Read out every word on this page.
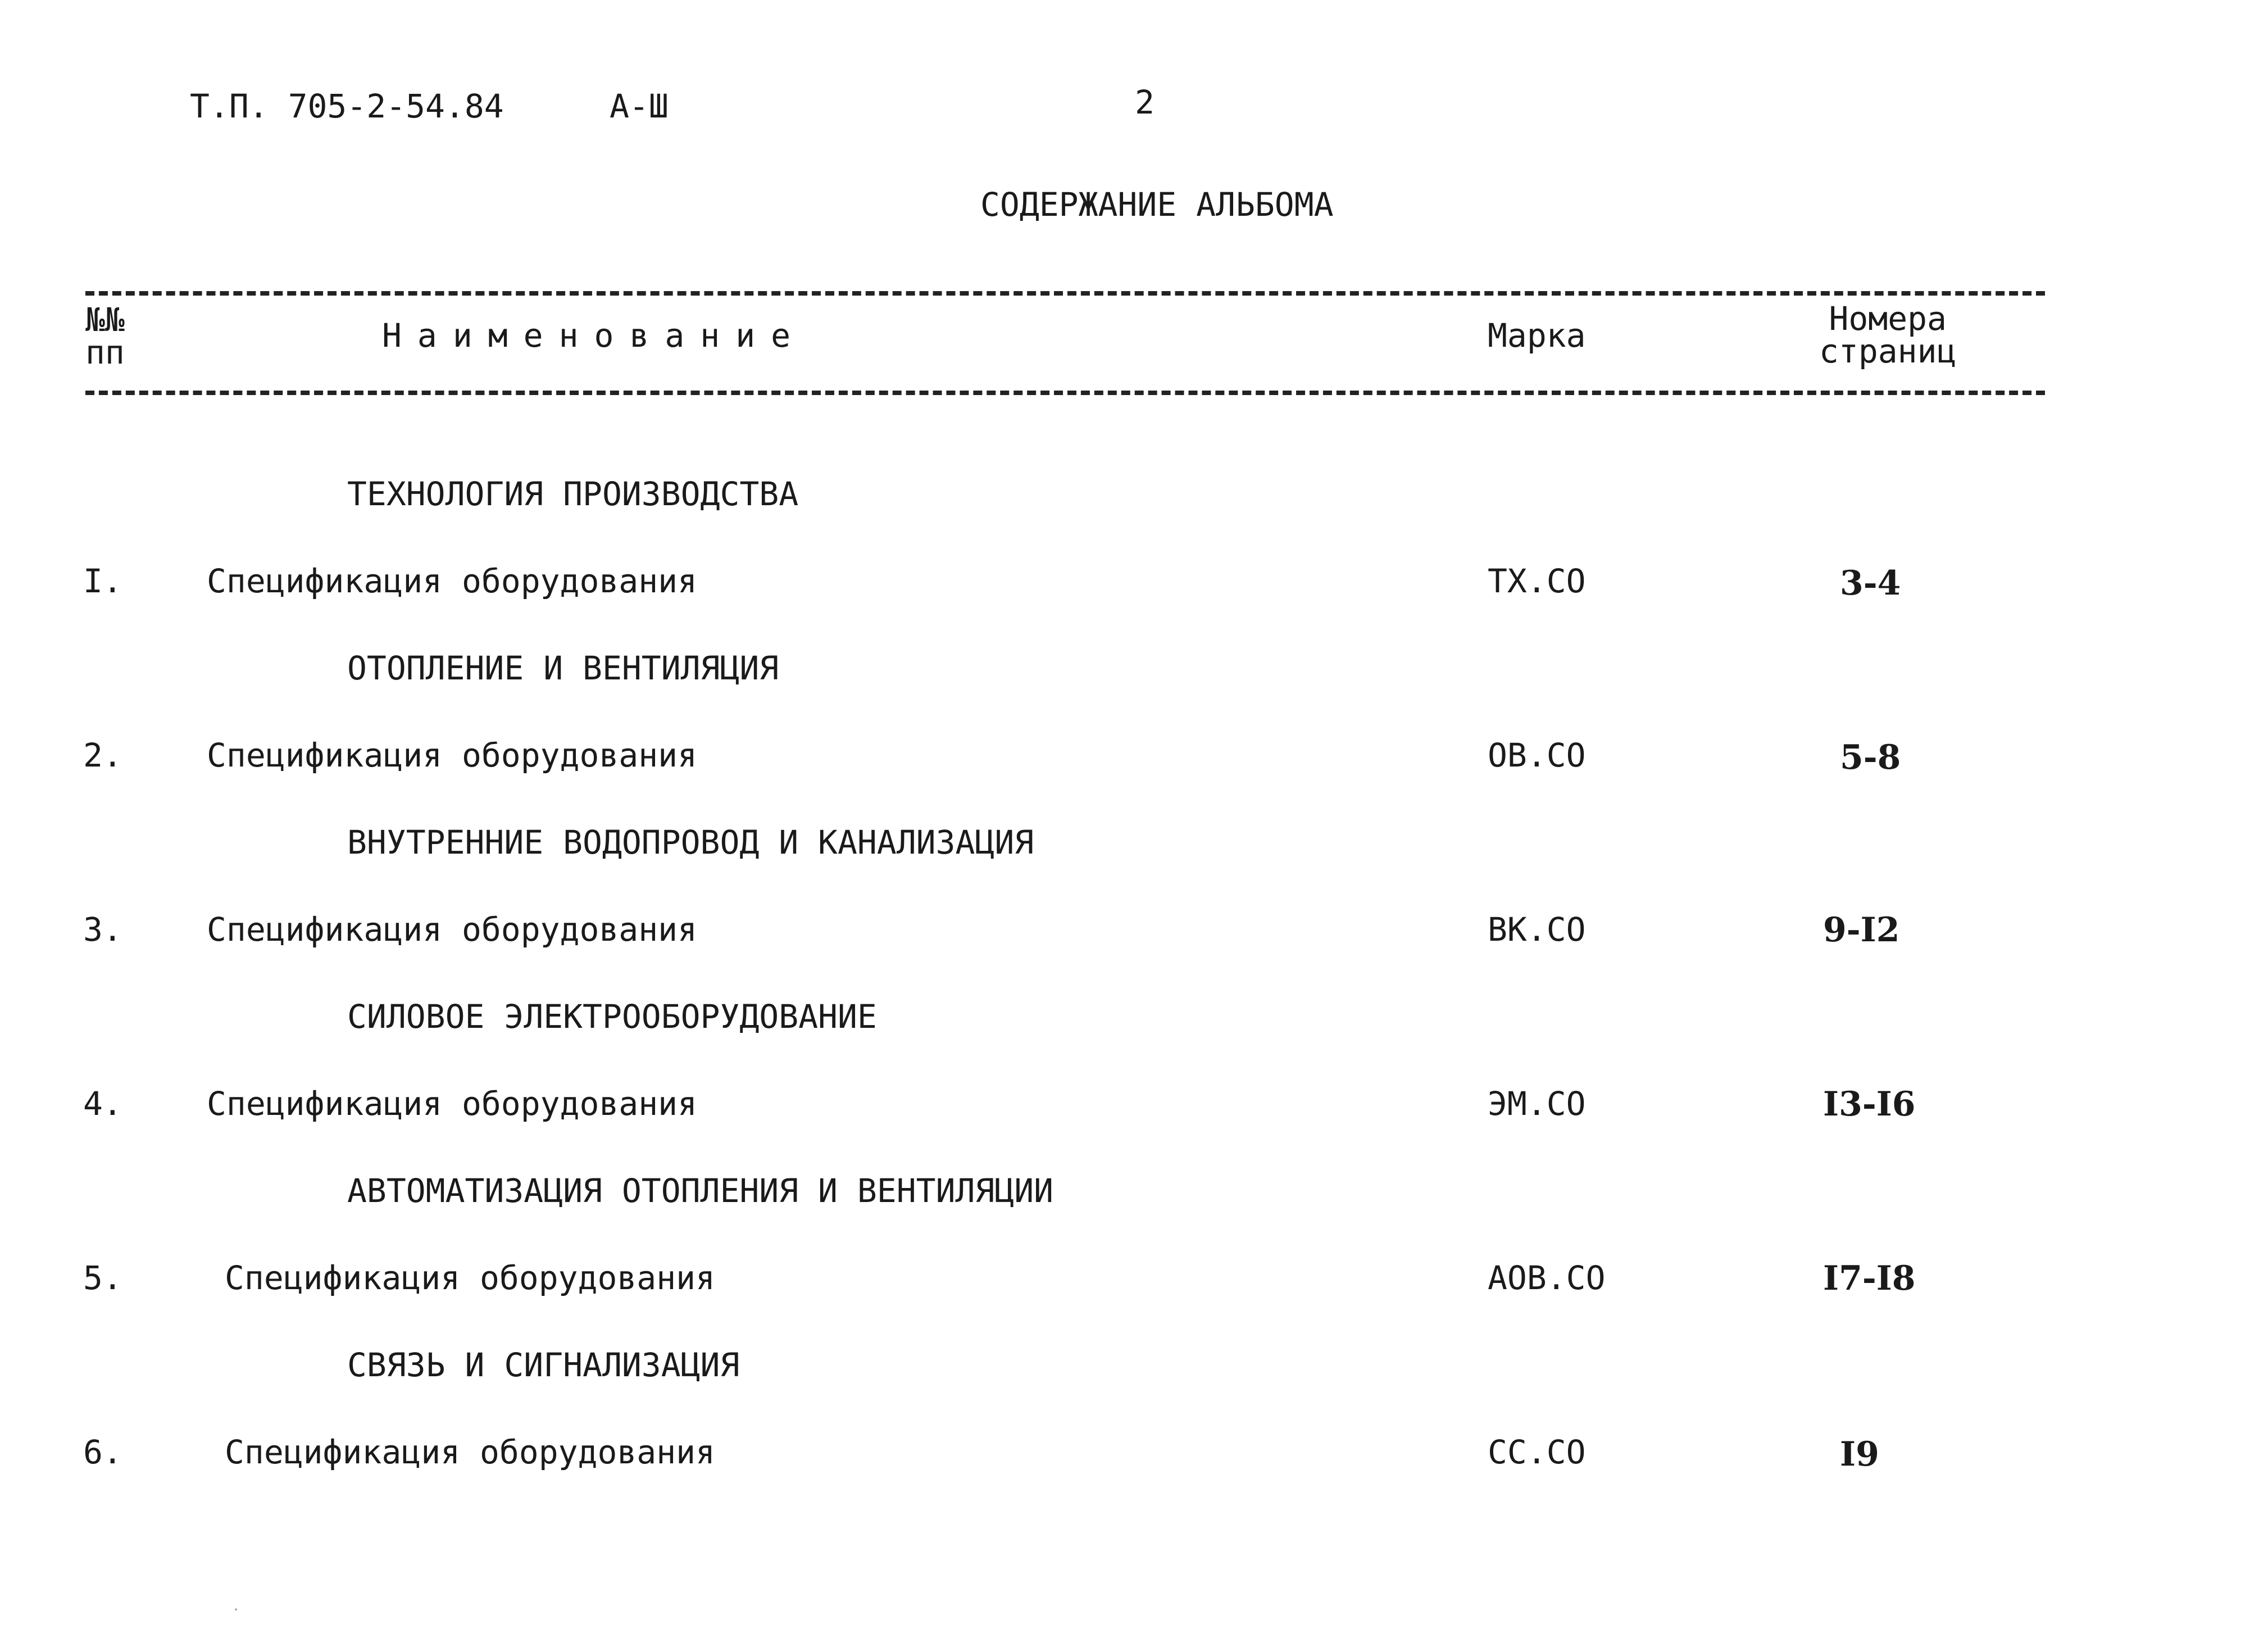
Т.П. 705-2-54.84	А-Ш	2
СОДЕРЖАНИЕ АЛЬБОМА
№№
пп	Наименование	Марка	Номера
страниц
ТЕХНОЛОГИЯ ПРОИЗВОДСТВА
I.	Спецификация оборудования	ТХ.СО	3-4
ОТОПЛЕНИЕ И ВЕНТИЛЯЦИЯ
2.	Спецификация оборудования	ОВ.СО	5-8
ВНУТРЕННИЕ ВОДОПРОВОД И КАНАЛИЗАЦИЯ
3.	Спецификация оборудования	ВК.СО	9-I2
СИЛОВОЕ ЭЛЕКТРООБОРУДОВАНИЕ
4.	Спецификация оборудования	ЭМ.СО	I3-I6
АВТОМАТИЗАЦИЯ ОТОПЛЕНИЯ И ВЕНТИЛЯЦИИ
5.	Спецификация оборудования	АОВ.СО	I7-I8
СВЯЗЬ И СИГНАЛИЗАЦИЯ
6.	Спецификация оборудования	СС.СО	I9
